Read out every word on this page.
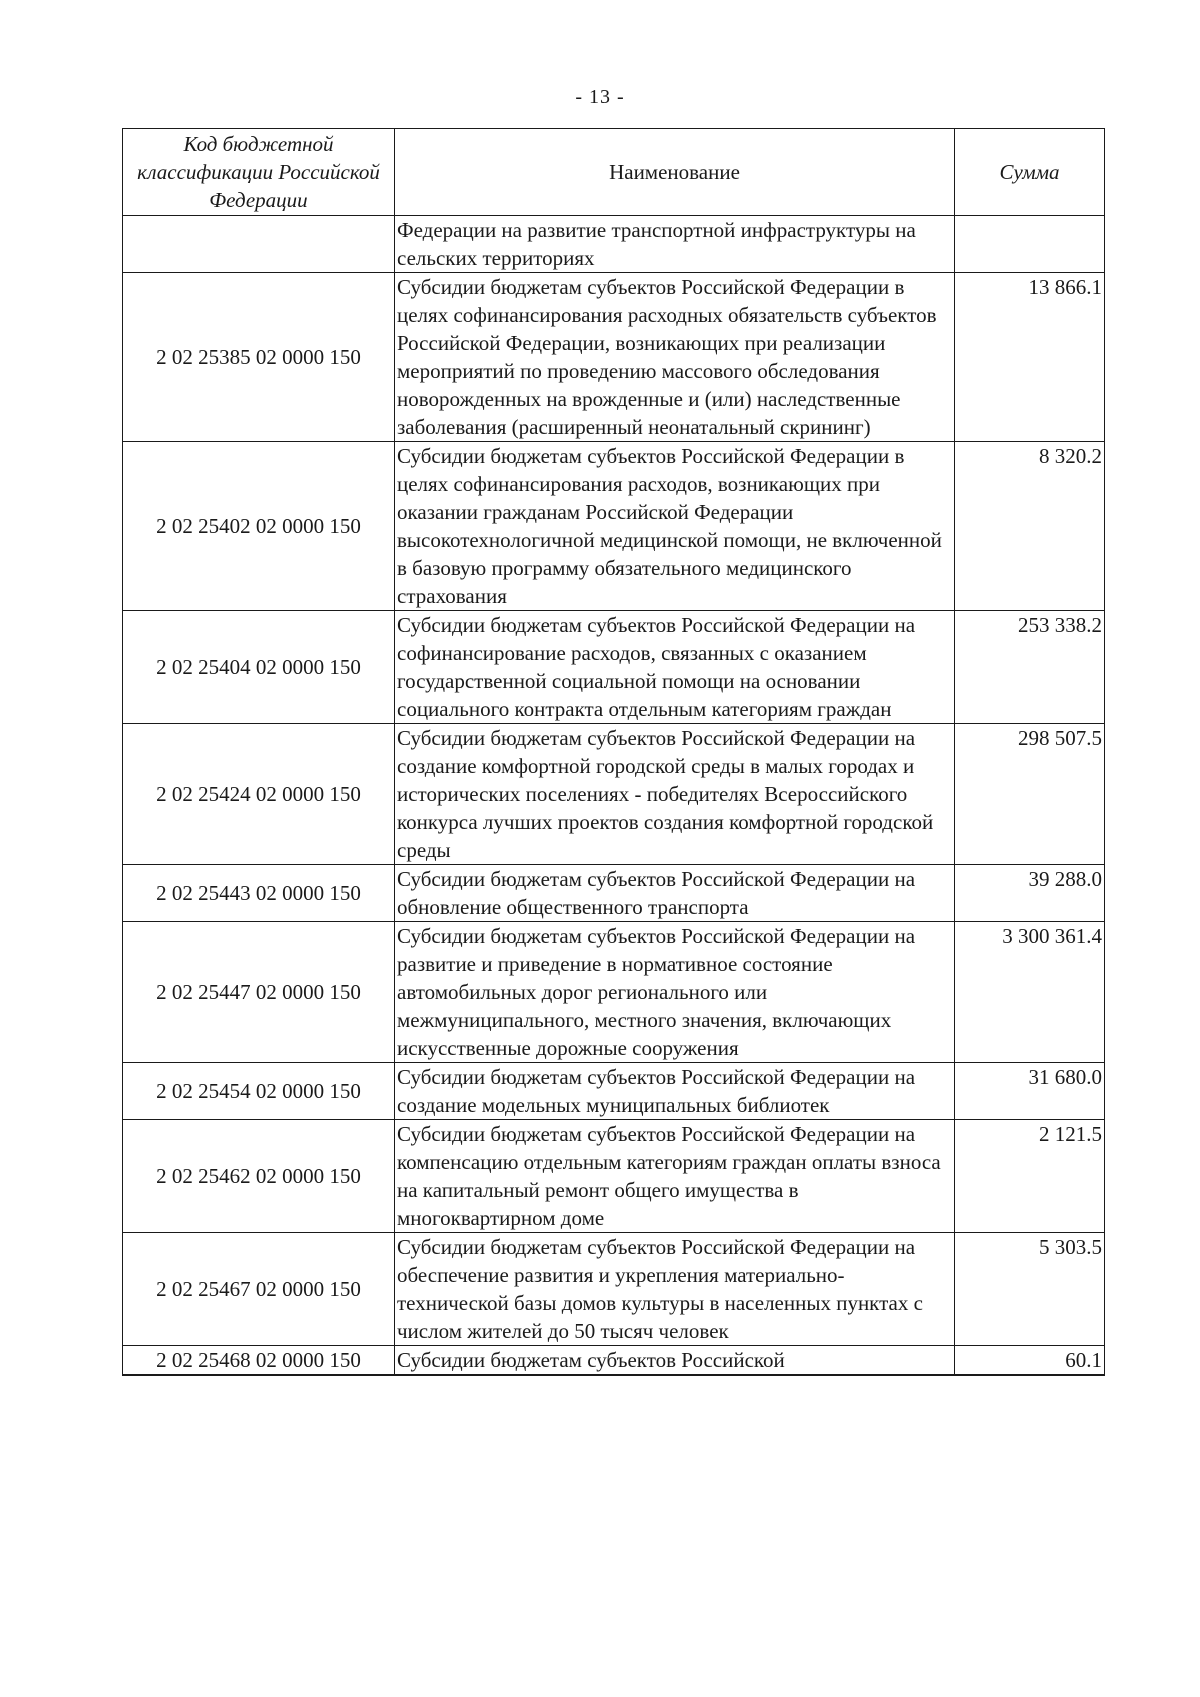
- 13 -
Код бюджетной классификации Российской Федерации	Наименование	Сумма
	Федерации на развитие транспортной инфраструктуры на сельских территориях	
2 02 25385 02 0000 150	Субсидии бюджетам субъектов Российской Федерации в целях софинансирования расходных обязательств субъектов Российской Федерации, возникающих при реализации мероприятий по проведению массового обследования новорожденных на врожденные и (или) наследственные заболевания (расширенный неонатальный скрининг)	13 866.1
2 02 25402 02 0000 150	Субсидии бюджетам субъектов Российской Федерации в целях софинансирования расходов, возникающих при оказании гражданам Российской Федерации высокотехнологичной медицинской помощи, не включенной в базовую программу обязательного медицинского страхования	8 320.2
2 02 25404 02 0000 150	Субсидии бюджетам субъектов Российской Федерации на софинансирование расходов, связанных с оказанием государственной социальной помощи на основании социального контракта отдельным категориям граждан	253 338.2
2 02 25424 02 0000 150	Субсидии бюджетам субъектов Российской Федерации на создание комфортной городской среды в малых городах и исторических поселениях - победителях Всероссийского конкурса лучших проектов создания комфортной городской среды	298 507.5
2 02 25443 02 0000 150	Субсидии бюджетам субъектов Российской Федерации на обновление общественного транспорта	39 288.0
2 02 25447 02 0000 150	Субсидии бюджетам субъектов Российской Федерации на развитие и приведение в нормативное состояние автомобильных дорог регионального или межмуниципального, местного значения, включающих искусственные дорожные сооружения	3 300 361.4
2 02 25454 02 0000 150	Субсидии бюджетам субъектов Российской Федерации на создание модельных муниципальных библиотек	31 680.0
2 02 25462 02 0000 150	Субсидии бюджетам субъектов Российской Федерации на компенсацию отдельным категориям граждан оплаты взноса на капитальный ремонт общего имущества в многоквартирном доме	2 121.5
2 02 25467 02 0000 150	Субсидии бюджетам субъектов Российской Федерации на обеспечение развития и укрепления материально-технической базы домов культуры в населенных пунктах с числом жителей до 50 тысяч человек	5 303.5
2 02 25468 02 0000 150	Субсидии бюджетам субъектов Российской	60.1
